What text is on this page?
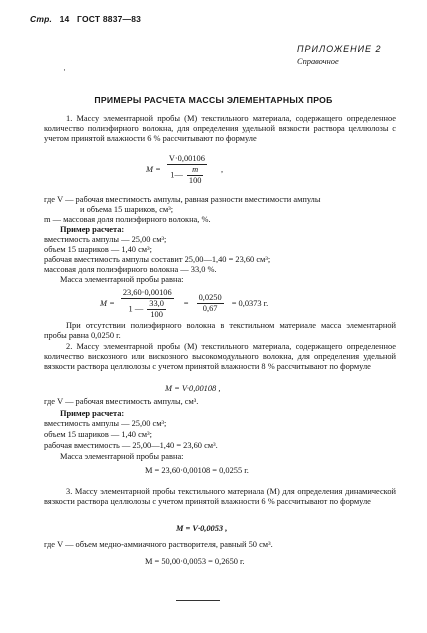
Стр. 14 ГОСТ 8837—83
ПРИЛОЖЕНИЕ 2
Справочное
·
ПРИМЕРЫ РАСЧЕТА МАССЫ ЭЛЕМЕНТАРНЫХ ПРОБ

1. Массу элементарной пробы (M) текстильного материала, содержащего определенное количество полиэфирного волокна, для определения удельной вязкости раствора целлюлозы с учетом принятой влажности 6 % рассчитывают по формуле

$M = \frac{V\cdot 0,00106}{1— \frac{m}{100}}$ ,
где V — рабочая вместимость ампулы, равная разности вместимости ампулы
и объема 15 шариков, см³;
m — массовая доля полиэфирного волокна, %.
Пример расчета:
вместимость ампулы — 25,00 см³;
объем 15 шариков — 1,40 см³;
рабочая вместимость ампулы составит 25,00—1,40 = 23,60 см³;
массовая доля полиэфирного волокна — 33,0 %.
Масса элементарной пробы равна:
$M = \frac{23,60\cdot 0,00106}{1 — \frac{33,0}{100}} = \frac{0,0250}{0,67} = 0,0373$ г.

При отсутствии полиэфирного волокна в текстильном материале масса элементарной пробы равна 0,0250 г.

2. Массу элементарной пробы (M) текстильного материала, содержащего определенное количество вискозного или вискозного высокомодульного волокна, для определения удельной вязкости раствора целлюлозы с учетом принятой влажности 8 % рассчитывают по формуле

M = V·0,00108 ,
где V — рабочая вместимость ампулы, см³.
Пример расчета:
вместимость ампулы — 25,00 см³;
объем 15 шариков — 1,40 см³;
рабочая вместимость — 25,00—1,40 = 23,60 см³.
Масса элементарной пробы равна:
M = 23,60·0,00108 = 0,0255 г.

3. Массу элементарной пробы текстильного материала (M) для определения динамической вязкости раствора целлюлозы с учетом принятой влажности 6 % рассчитывают по формуле

M = V·0,0053 ,
где V — объем медно-аммиачного растворителя, равный 50 см³.
M = 50,00·0,0053 = 0,2650 г.
